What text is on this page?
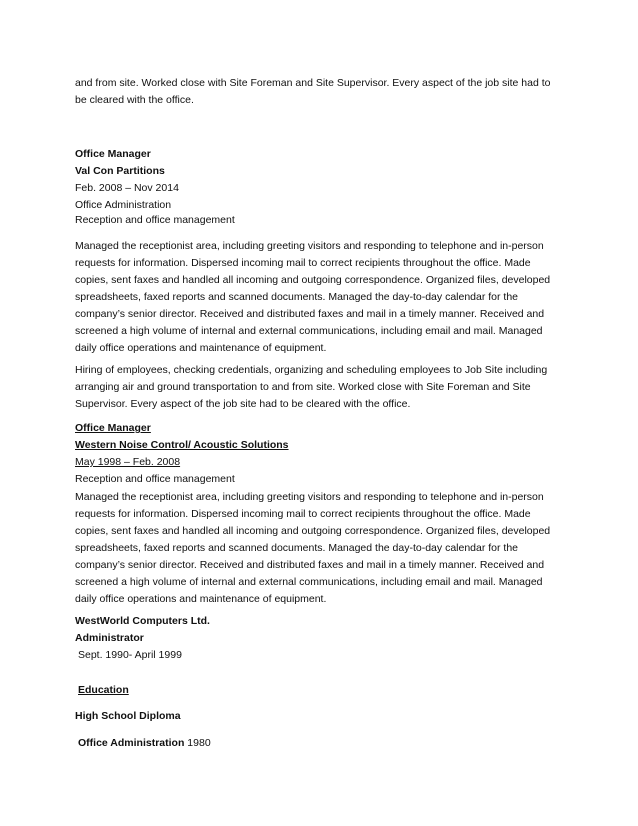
and from site. Worked close with Site Foreman and Site Supervisor. Every aspect of the job site had to

be cleared with the office.

Office Manager

Val Con Partitions

Feb. 2008 – Nov 2014

Office Administration

Reception and office management

Managed the receptionist area, including greeting visitors and responding to telephone and in-person

requests for information. Dispersed incoming mail to correct recipients throughout the office. Made

copies, sent faxes and handled all incoming and outgoing correspondence. Organized files, developed

spreadsheets, faxed reports and scanned documents. Managed the day-to-day calendar for the

company’s senior director. Received and distributed faxes and mail in a timely manner. Received and

screened a high volume of internal and external communications, including email and mail. Managed

daily office operations and maintenance of equipment.

Hiring of employees, checking credentials, organizing and scheduling employees to Job Site including

arranging air and ground transportation to and from site. Worked close with Site Foreman and Site

Supervisor. Every aspect of the job site had to be cleared with the office.

Office Manager

Western Noise Control/ Acoustic Solutions

May 1998 – Feb. 2008

Reception and office management

Managed the receptionist area, including greeting visitors and responding to telephone and in-person

requests for information. Dispersed incoming mail to correct recipients throughout the office. Made

copies, sent faxes and handled all incoming and outgoing correspondence. Organized files, developed

spreadsheets, faxed reports and scanned documents. Managed the day-to-day calendar for the

company’s senior director. Received and distributed faxes and mail in a timely manner. Received and

screened a high volume of internal and external communications, including email and mail. Managed

daily office operations and maintenance of equipment.

WestWorld Computers Ltd.

Administrator

Sept. 1990- April 1999

Education

High School Diploma

Office Administration 1980
